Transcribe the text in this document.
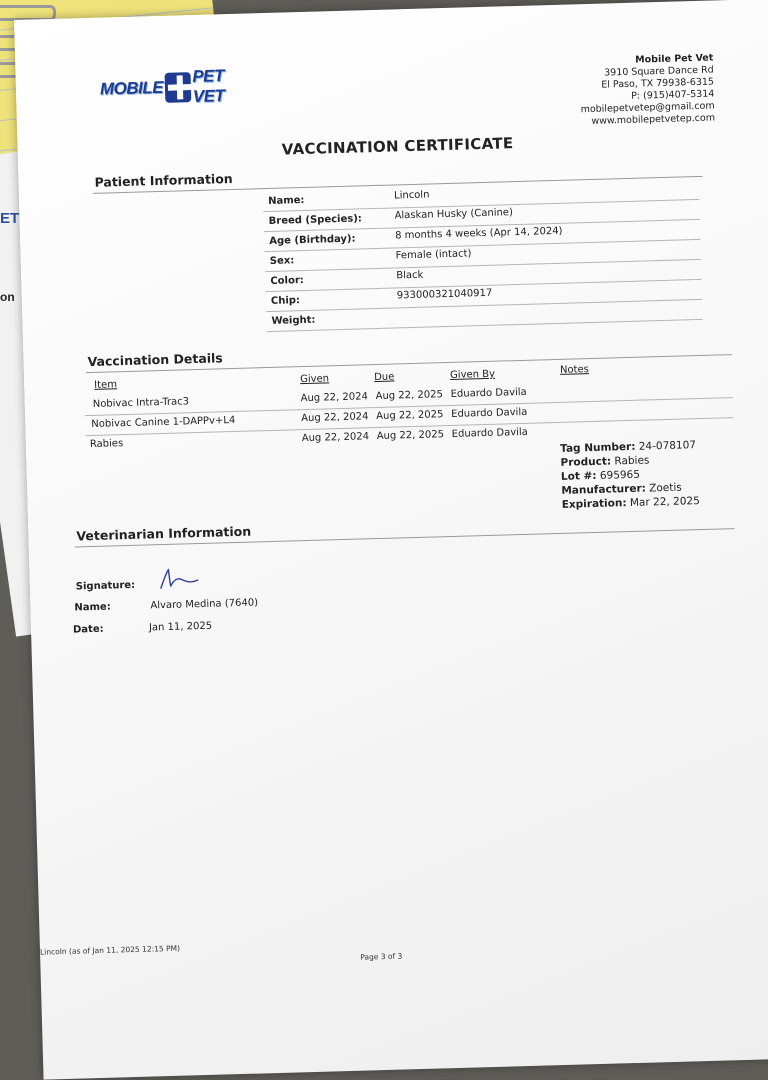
ET
on
MOBILE
PET VET
Mobile Pet Vet
3910 Square Dance Rd
El Paso, TX 79938-6315
P: (915)407-5314
mobilepetvetep@gmail.com
www.mobilepetvetep.com
VACCINATION CERTIFICATE
Patient Information
Name:	Lincoln
Breed (Species):	Alaskan Husky (Canine)
Age (Birthday):	8 months 4 weeks (Apr 14, 2024)
Sex:	Female (intact)
Color:	Black
Chip:	933000321040917
Weight:
Vaccination Details
Item	Given	Due	Given By	Notes
Nobivac Intra-Trac3	Aug 22, 2024 Aug 22, 2025 Eduardo Davila
Nobivac Canine 1-DAPPv+L4	Aug 22, 2024 Aug 22, 2025 Eduardo Davila
Rabies	Aug 22, 2024 Aug 22, 2025 Eduardo Davila
Tag Number: 24-078107
Product: Rabies
Lot #: 695965
Manufacturer: Zoetis
Expiration: Mar 22, 2025
Veterinarian Information
Signature:
Name:	Alvaro Medina (7640)
Date:	Jan 11, 2025
Lincoln (as of Jan 11, 2025 12:15 PM)	Page 3 of 3
